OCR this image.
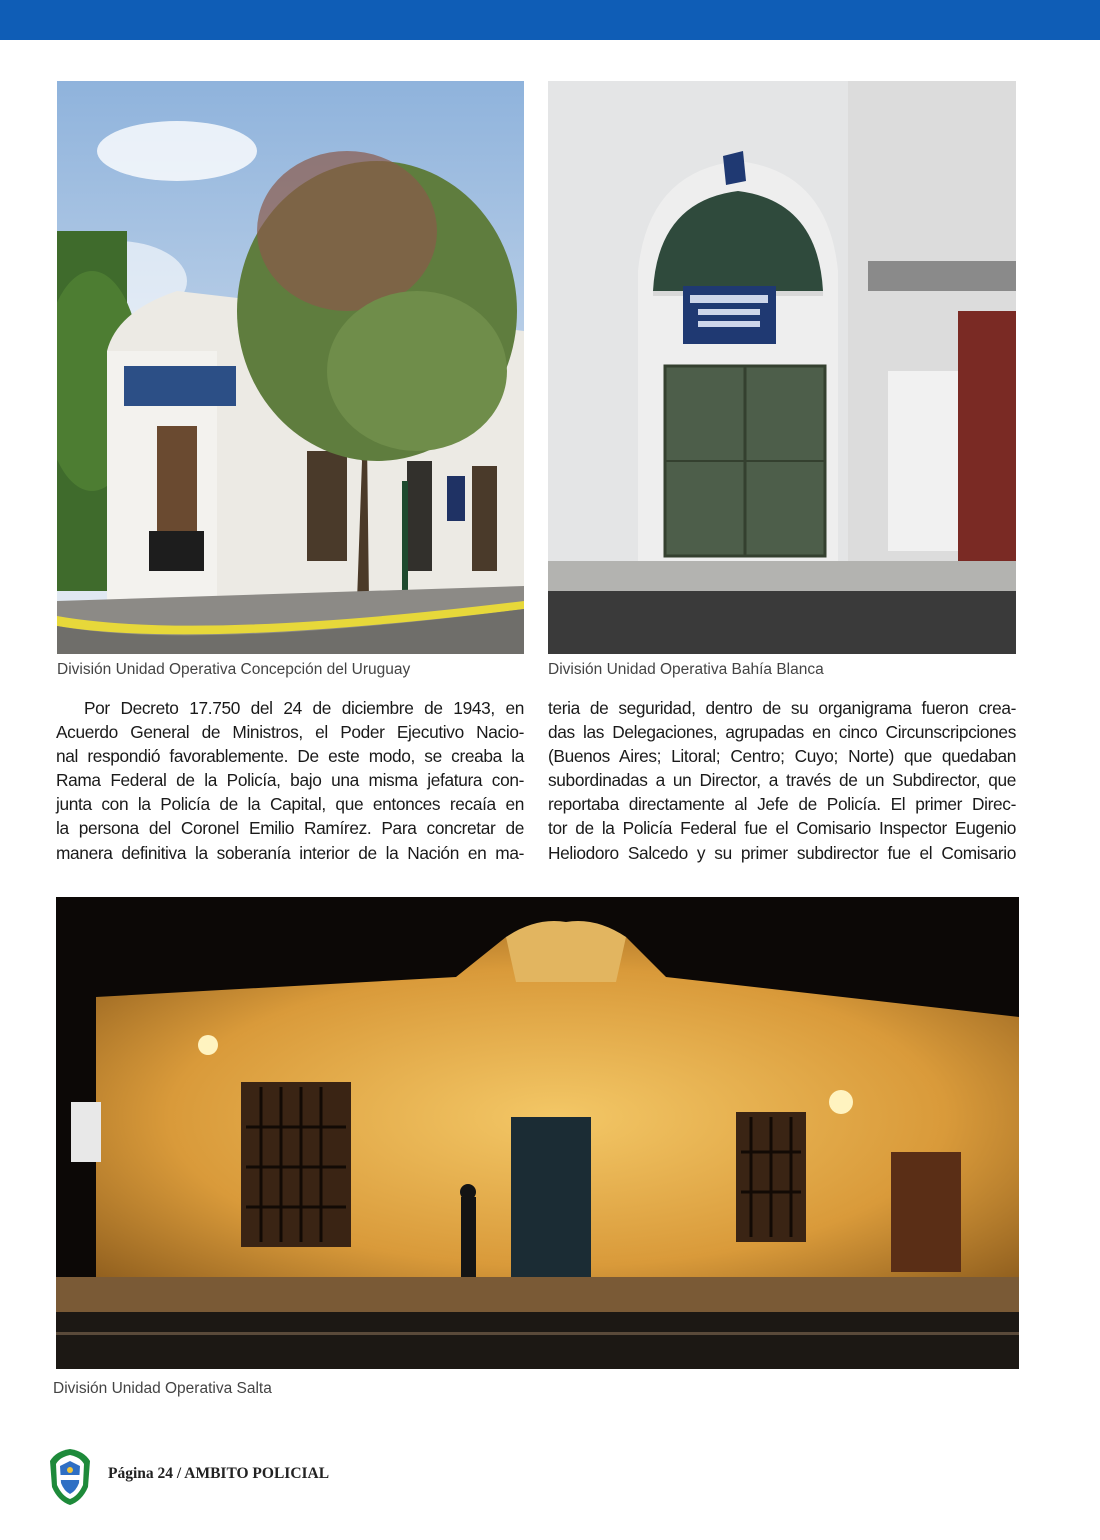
División Unidad Operativa Concepción del Uruguay	División Unidad Operativa Bahía Blanca
Por Decreto 17.750 del 24 de diciembre de 1943, en
Acuerdo General de Ministros, el Poder Ejecutivo Nacio-
nal respondió favorablemente. De este modo, se creaba la
Rama Federal de la Policía, bajo una misma jefatura con-
junta con la Policía de la Capital, que entonces recaía en
la persona del Coronel Emilio Ramírez. Para concretar de
manera definitiva la soberanía interior de la Nación en ma-
teria de seguridad, dentro de su organigrama fueron crea-
das las Delegaciones, agrupadas en cinco Circunscripciones
(Buenos Aires; Litoral; Centro; Cuyo; Norte) que quedaban
subordinadas a un Director, a través de un Subdirector, que
reportaba directamente al Jefe de Policía. El primer Direc-
tor de la Policía Federal fue el Comisario Inspector Eugenio
Heliodoro Salcedo y su primer subdirector fue el Comisario
División Unidad Operativa Salta
Página 24 / AMBITO POLICIAL
